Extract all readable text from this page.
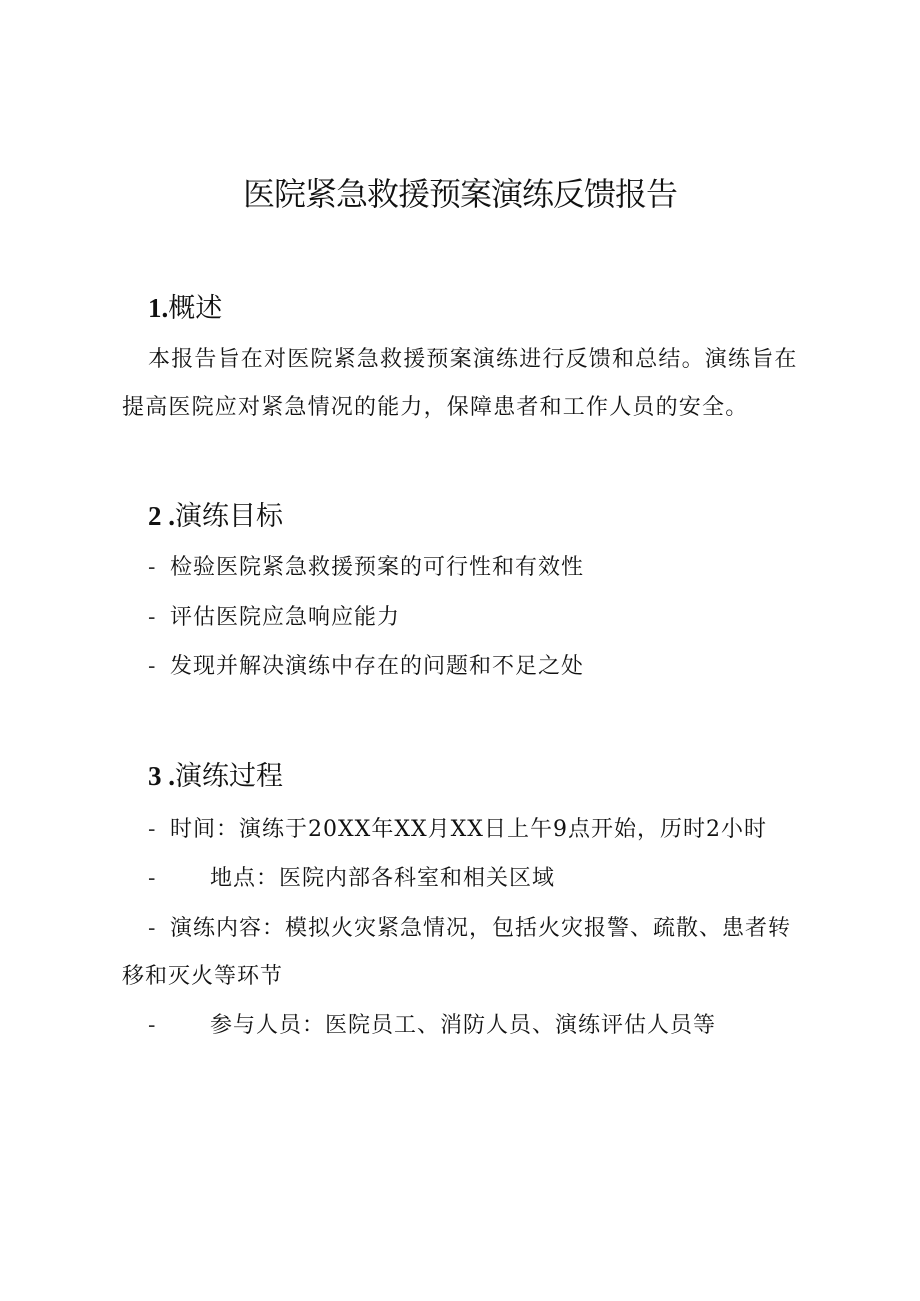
医院紧急救援预案演练反馈报告
1.概述
本报告旨在对医院紧急救援预案演练进行反馈和总结。演练旨在提高医院应对紧急情况的能力，保障患者和工作人员的安全。
2 .演练目标
- 检验医院紧急救援预案的可行性和有效性
- 评估医院应急响应能力
- 发现并解决演练中存在的问题和不足之处
3 .演练过程
- 时间：演练于20XX年XX月XX日上午9点开始，历时2小时
- 地点：医院内部各科室和相关区域
- 演练内容：模拟火灾紧急情况，包括火灾报警、疏散、患者转移和灭火等环节
- 参与人员：医院员工、消防人员、演练评估人员等
